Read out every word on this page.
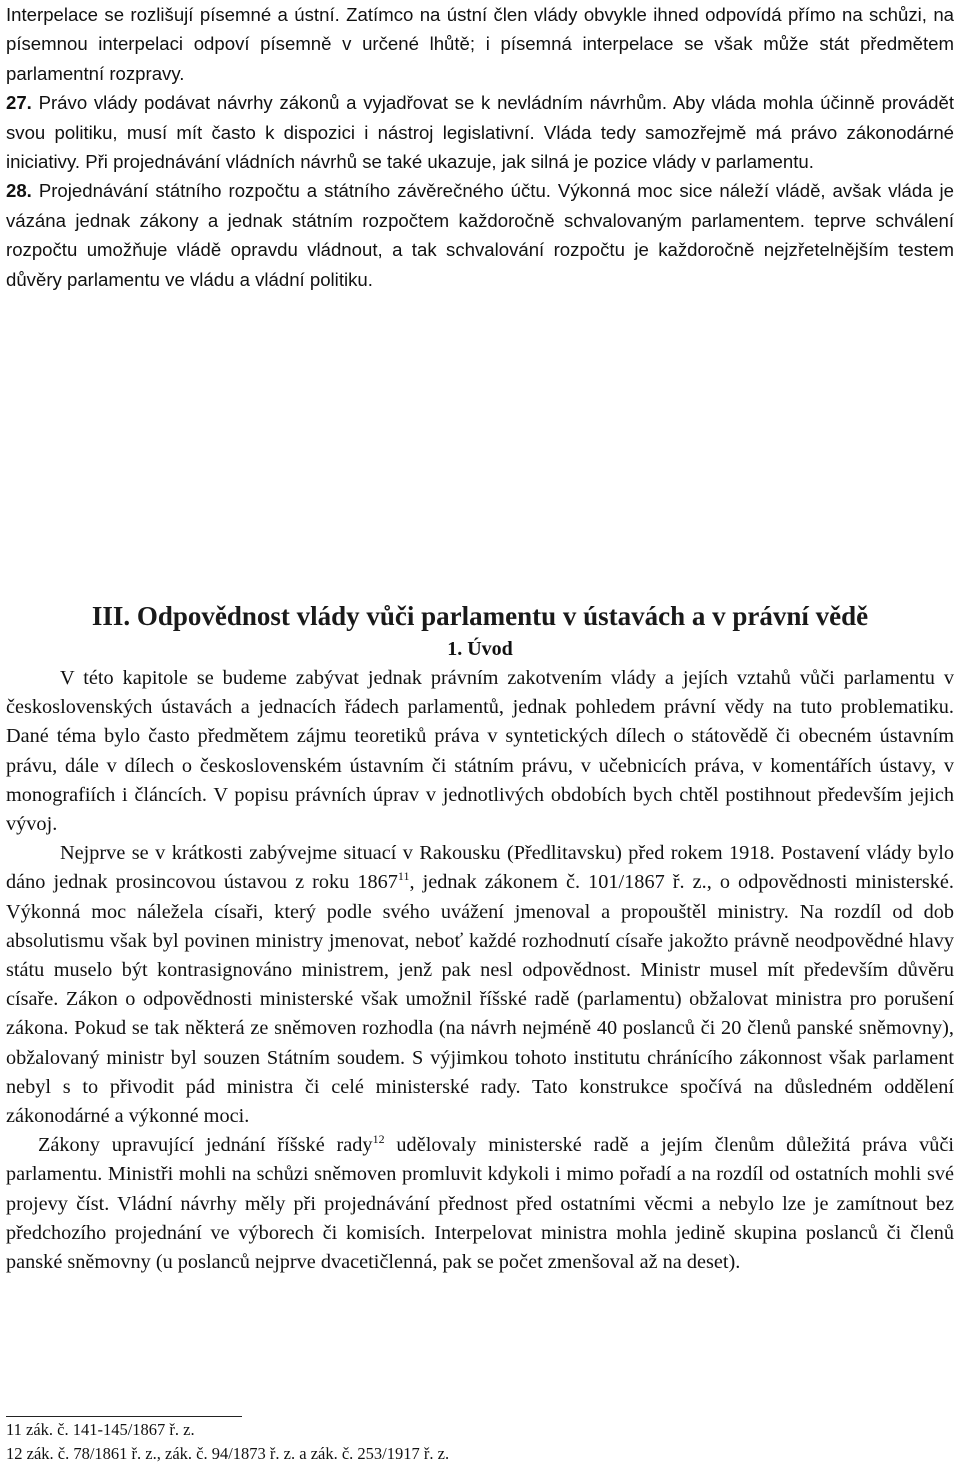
Interpelace se rozlišují písemné a ústní. Zatímco na ústní člen vlády obvykle ihned odpovídá přímo na schůzi, na písemnou interpelaci odpoví písemně v určené lhůtě; i písemná interpelace se však může stát předmětem parlamentní rozpravy.

27. Právo vlády podávat návrhy zákonů a vyjadřovat se k nevládním návrhům. Aby vláda mohla účinně provádět svou politiku, musí mít často k dispozici i nástroj legislativní. Vláda tedy samozřejmě má právo zákonodárné iniciativy. Při projednávání vládních návrhů se také ukazuje, jak silná je pozice vlády v parlamentu.

28. Projednávání státního rozpočtu a státního závěrečného účtu. Výkonná moc sice náleží vládě, avšak vláda je vázána jednak zákony a jednak státním rozpočtem každoročně schvalovaným parlamentem. teprve schválení rozpočtu umožňuje vládě opravdu vládnout, a tak schvalování rozpočtu je každoročně nejzřetelnějším testem důvěry parlamentu ve vládu a vládní politiku.

III. Odpovědnost vlády vůči parlamentu v ústavách a v právní vědě
1. Úvod

V této kapitole se budeme zabývat jednak právním zakotvením vlády a jejích vztahů vůči parlamentu v československých ústavách a jednacích řádech parlamentů, jednak pohledem právní vědy na tuto problematiku. Dané téma bylo často předmětem zájmu teoretiků práva v syntetických dílech o státovědě či obecném ústavním právu, dále v dílech o československém ústavním či státním právu, v učebnicích práva, v komentářích ústavy, v monografiích i článcích. V popisu právních úprav v jednotlivých obdobích bych chtěl postihnout především jejich vývoj.

Nejprve se v krátkosti zabývejme situací v Rakousku (Předlitavsku) před rokem 1918. Postavení vlády bylo dáno jednak prosincovou ústavou z roku 1867$^{11}$, jednak zákonem č. 101/1867 ř. z., o odpovědnosti ministerské. Výkonná moc náležela císaři, který podle svého uvážení jmenoval a propouštěl ministry. Na rozdíl od dob absolutismu však byl povinen ministry jmenovat, neboť každé rozhodnutí císaře jakožto právně neodpovědné hlavy státu muselo být kontrasignováno ministrem, jenž pak nesl odpovědnost. Ministr musel mít především důvěru císaře. Zákon o odpovědnosti ministerské však umožnil říšské radě (parlamentu) obžalovat ministra pro porušení zákona. Pokud se tak některá ze sněmoven rozhodla (na návrh nejméně 40 poslanců či 20 členů panské sněmovny), obžalovaný ministr byl souzen Státním soudem. S výjimkou tohoto institutu chránícího zákonnost však parlament nebyl s to přivodit pád ministra či celé ministerské rady. Tato konstrukce spočívá na důsledném oddělení zákonodárné a výkonné moci.

Zákony upravující jednání říšské rady$^{12}$ udělovaly ministerské radě a jejím členům důležitá práva vůči parlamentu. Ministři mohli na schůzi sněmoven promluvit kdykoli i mimo pořadí a na rozdíl od ostatních mohli své projevy číst. Vládní návrhy měly při projednávání přednost před ostatními věcmi a nebylo lze je zamítnout bez předchozího projednání ve výborech či komisích. Interpelovat ministra mohla jedině skupina poslanců či členů panské sněmovny (u poslanců nejprve dvacetičlenná, pak se počet zmenšoval až na deset).

11 zák. č. 141-145/1867 ř. z.
12 zák. č. 78/1861 ř. z., zák. č. 94/1873 ř. z. a zák. č. 253/1917 ř. z.
